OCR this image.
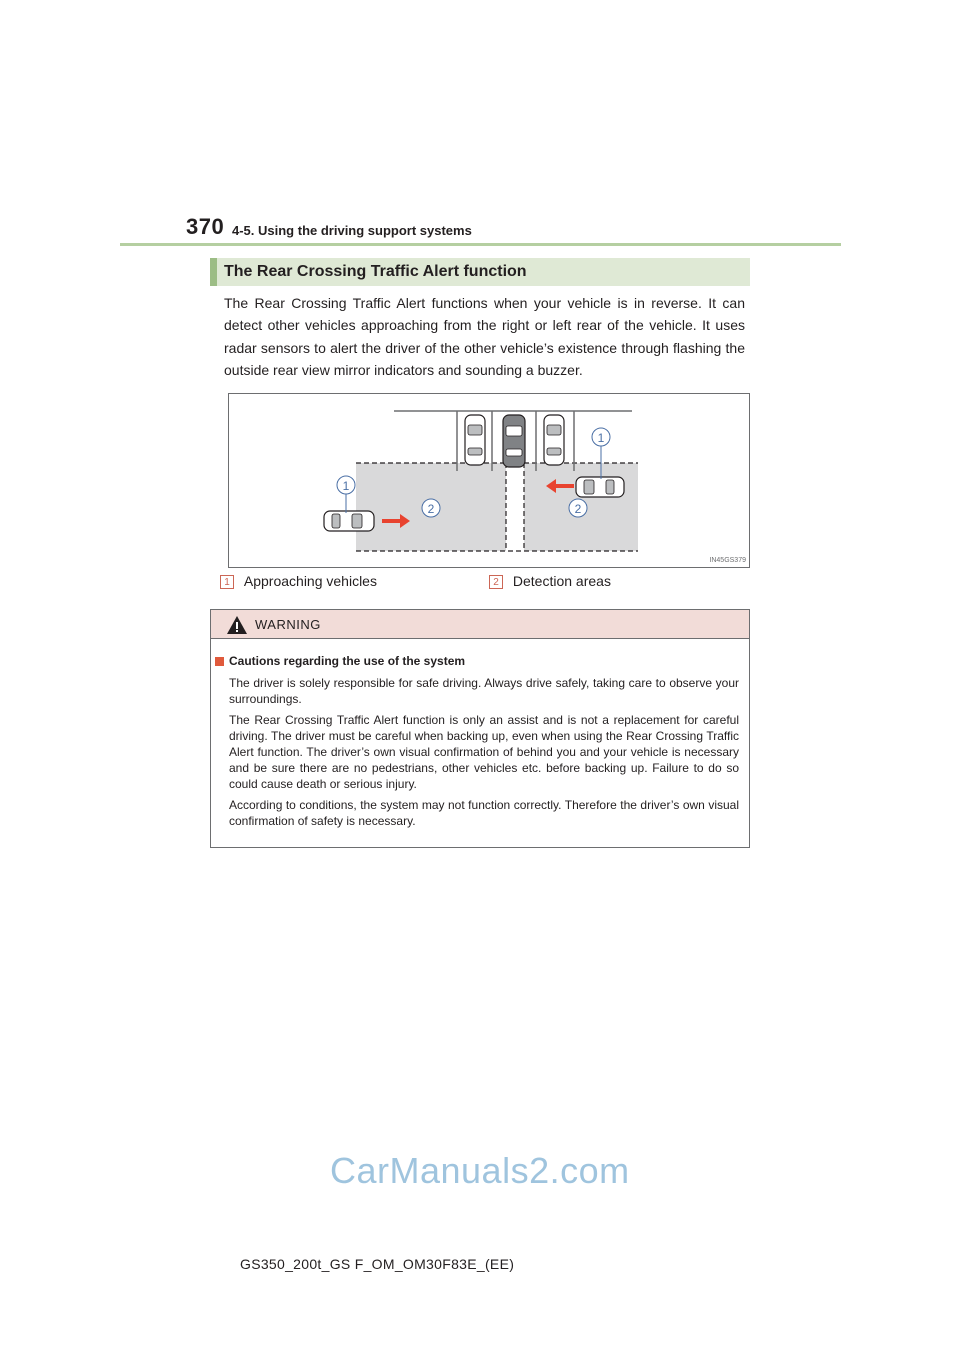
370 4-5. Using the driving support systems
The Rear Crossing Traffic Alert function
The Rear Crossing Traffic Alert functions when your vehicle is in reverse. It can detect other vehicles approaching from the right or left rear of the vehicle. It uses radar sensors to alert the driver of the other vehicle’s existence through flashing the outside rear view mirror indicators and sounding a buzzer.
1
1
2	2
IN45GS379
1 Approaching vehicles	2 Detection areas
WARNING
Cautions regarding the use of the system
The driver is solely responsible for safe driving. Always drive safely, taking care to observe your surroundings.
The Rear Crossing Traffic Alert function is only an assist and is not a replacement for careful driving. The driver must be careful when backing up, even when using the Rear Crossing Traffic Alert function. The driver’s own visual confirmation of behind you and your vehicle is necessary and be sure there are no pedestrians, other vehicles etc. before backing up. Failure to do so could cause death or serious injury.
According to conditions, the system may not function correctly. Therefore the driver’s own visual confirmation of safety is necessary.
CarManuals2.com
GS350_200t_GS F_OM_OM30F83E_(EE)
